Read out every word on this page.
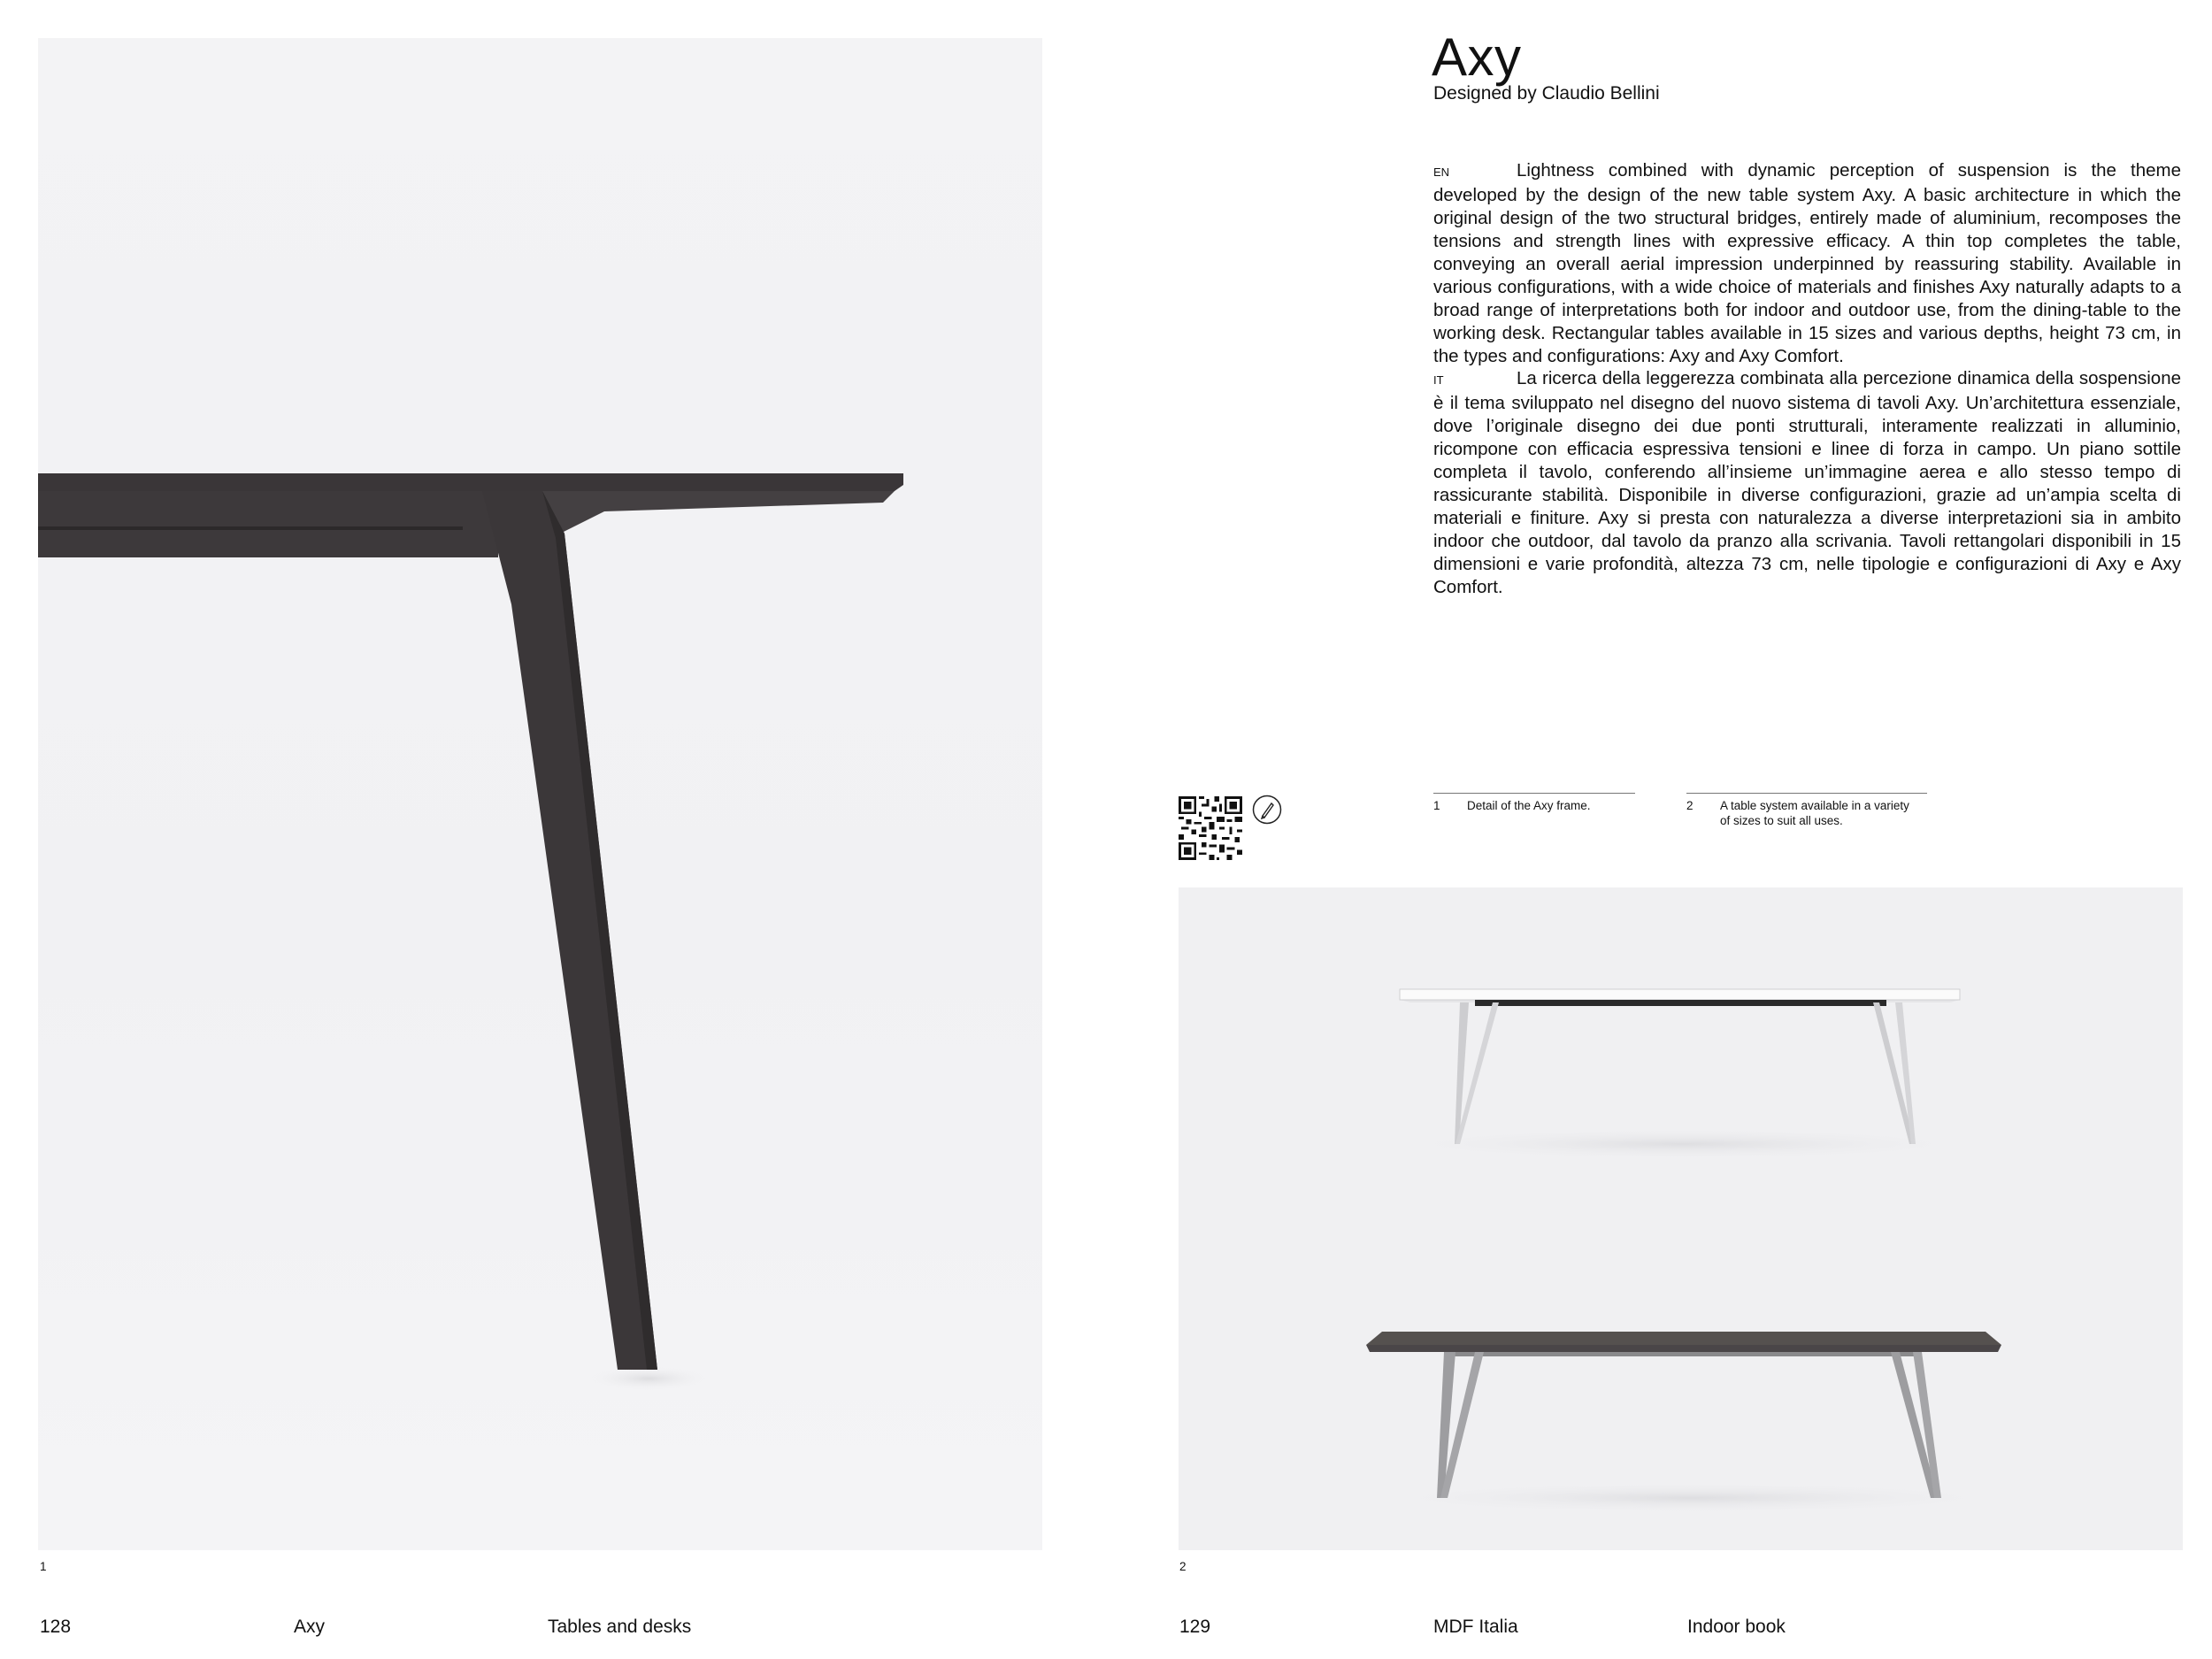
Axy
Designed by Claudio Bellini
EN	Lightness combined with dynamic perception of suspension is the theme developed by the design of the new table system Axy. A basic architecture in which the original design of the two structural bridges, entirely made of aluminium, recomposes the tensions and strength lines with expressive efficacy. A thin top completes the table, conveying an overall aerial impression underpinned by reassuring stability. Available in various configurations, with a wide choice of materials and finishes Axy naturally adapts to a broad range of interpretations both for indoor and outdoor use, from the dining-table to the working desk. Rectangular tables available in 15 sizes and various depths, height 73 cm, in the types and configurations: Axy and Axy Comfort.
IT	La ricerca della leggerezza combinata alla percezione dinamica della sospensione è il tema sviluppato nel disegno del nuovo sistema di tavoli Axy. Un’architettura essenziale, dove l’originale disegno dei due ponti strutturali, interamente realizzati in alluminio, ricompone con efficacia espressiva tensioni e linee di forza in campo. Un piano sottile completa il tavolo, conferendo all’insieme un’immagine aerea e allo stesso tempo di rassicurante stabilità. Disponibile in diverse configurazioni, grazie ad un’ampia scelta di materiali e finiture. Axy si presta con naturalezza a diverse interpretazioni sia in ambito indoor che outdoor, dal tavolo da pranzo alla scrivania. Tavoli rettangolari disponibili in 15 dimensioni e varie profondità, altezza 73 cm, nelle tipologie e configurazioni di Axy e Axy Comfort.
1 Detail of the Axy frame.	2 A table system available in a variety of sizes to suit all uses.
1	2
128	Axy	Tables and desks	129	MDF Italia	Indoor book
